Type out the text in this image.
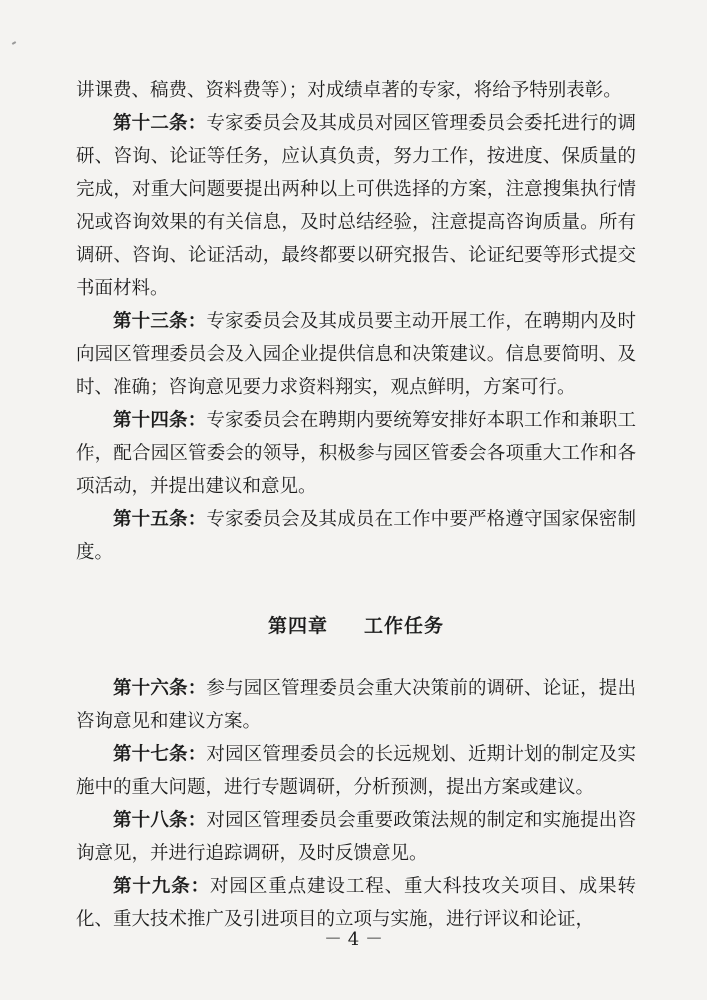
讲课费、稿费、资料费等）；对成绩卓著的专家，将给予特别表彰。

第十二条：专家委员会及其成员对园区管理委员会委托进行的调研、咨询、论证等任务，应认真负责，努力工作，按进度、保质量的完成，对重大问题要提出两种以上可供选择的方案，注意搜集执行情况或咨询效果的有关信息，及时总结经验，注意提高咨询质量。所有调研、咨询、论证活动，最终都要以研究报告、论证纪要等形式提交书面材料。

第十三条：专家委员会及其成员要主动开展工作，在聘期内及时向园区管理委员会及入园企业提供信息和决策建议。信息要简明、及时、准确；咨询意见要力求资料翔实，观点鲜明，方案可行。

第十四条：专家委员会在聘期内要统筹安排好本职工作和兼职工作，配合园区管委会的领导，积极参与园区管委会各项重大工作和各项活动，并提出建议和意见。

第十五条：专家委员会及其成员在工作中要严格遵守国家保密制度。

第四章 工作任务

第十六条：参与园区管理委员会重大决策前的调研、论证，提出咨询意见和建议方案。

第十七条：对园区管理委员会的长远规划、近期计划的制定及实施中的重大问题，进行专题调研，分析预测，提出方案或建议。

第十八条：对园区管理委员会重要政策法规的制定和实施提出咨询意见，并进行追踪调研，及时反馈意见。

第十九条：对园区重点建设工程、重大科技攻关项目、成果转化、重大技术推广及引进项目的立项与实施，进行评议和论证，

－ 4 －
